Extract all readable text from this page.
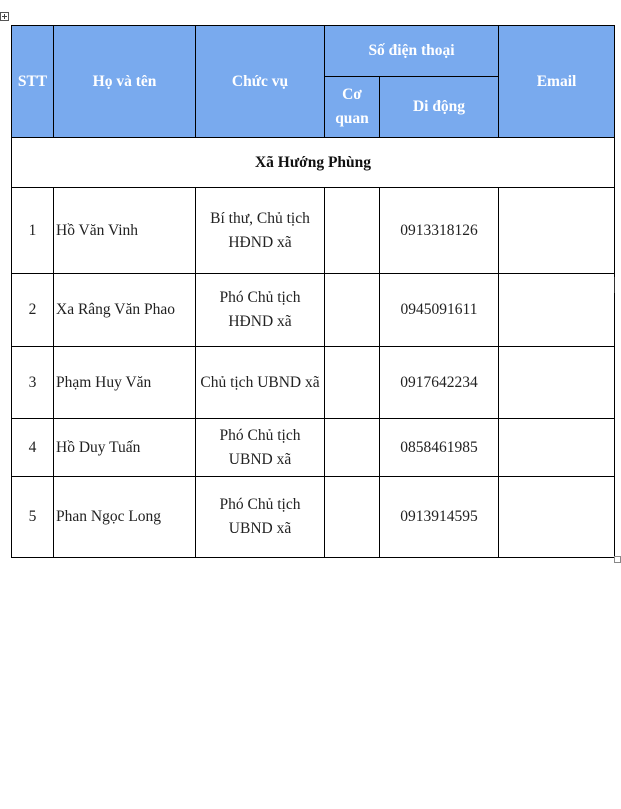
STT	Họ và tên	Chức vụ	Số điện thoại		Email
			Cơ quan	Di động	
Xã Hướng Phùng					
1	Hồ Văn Vinh	Bí thư, Chủ tịch HĐND xã		0913318126	
2	Xa Râng Văn Phao	Phó Chủ tịch HĐND xã		0945091611	
3	Phạm Huy Văn	Chủ tịch UBND xã		0917642234	
4	Hồ Duy Tuấn	Phó Chủ tịch UBND xã		0858461985	
5	Phan Ngọc Long	Phó Chủ tịch UBND xã		0913914595	
